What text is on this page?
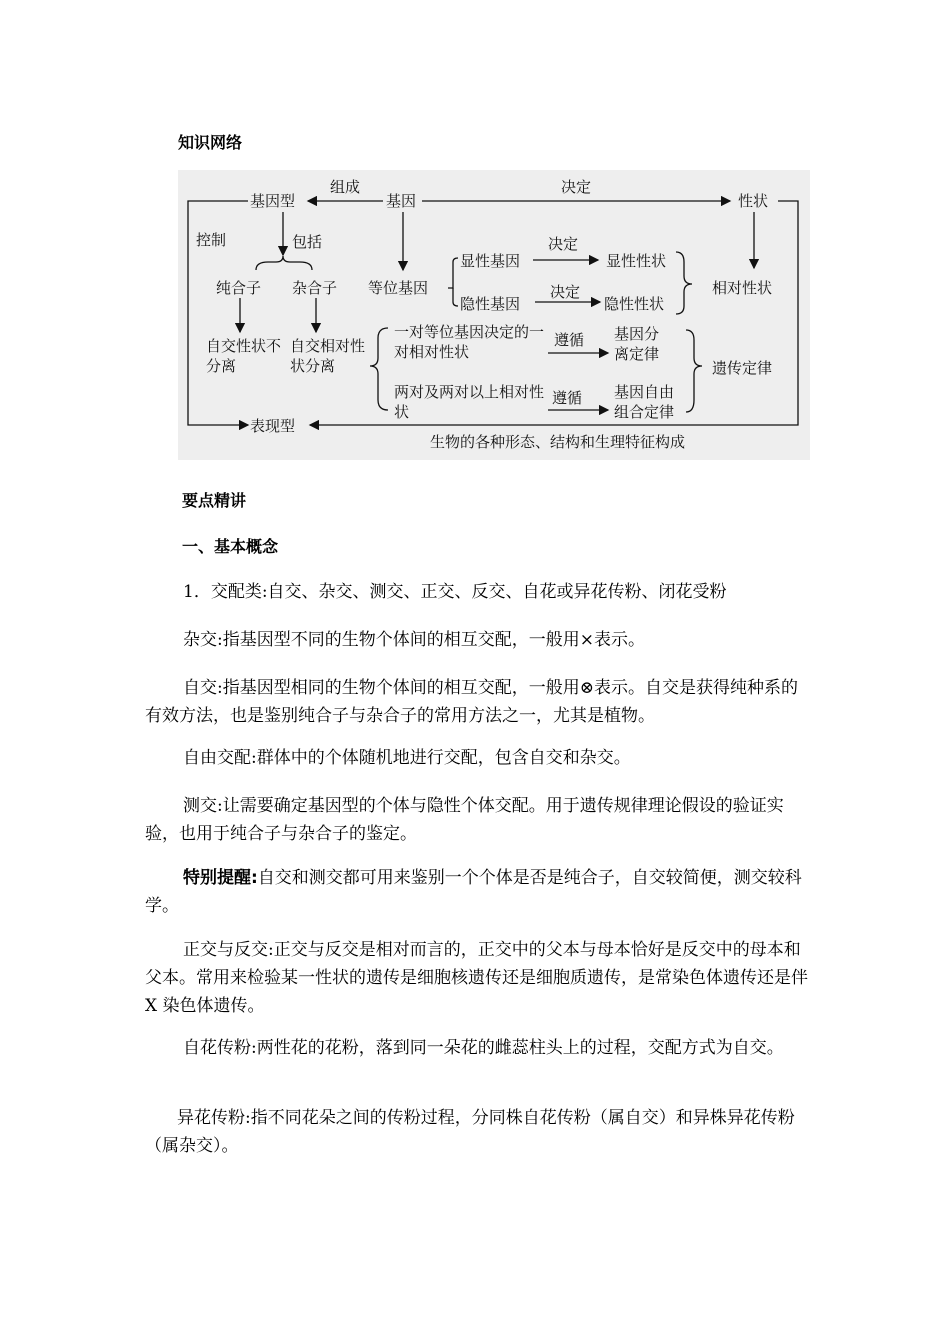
知识网络
基因型
组成
基因
决定
性状
控制	包括
纯合子 杂合子 等位基因
显性基因
隐性基因
决定
决定
显性性状
隐性性状
相对性状
自交性状不分离
自交相对性状分离
一对等位基因决定的一对相对性状
两对及两对以上相对性状
遵循
遵循
基因分离定律
基因自由组合定律
遗传定律
表现型
生物的各种形态、结构和生理特征构成
要点精讲
一、基本概念
1．交配类:自交、杂交、测交、正交、反交、自花或异花传粉、闭花受粉
杂交:指基因型不同的生物个体间的相互交配，一般用×表示。
自交:指基因型相同的生物个体间的相互交配，一般用⊗表示。自交是获得纯种系的有效方法，也是鉴别纯合子与杂合子的常用方法之一，尤其是植物。
自由交配:群体中的个体随机地进行交配，包含自交和杂交。
测交:让需要确定基因型的个体与隐性个体交配。用于遗传规律理论假设的验证实验，也用于纯合子与杂合子的鉴定。
特别提醒:自交和测交都可用来鉴别一个个体是否是纯合子，自交较简便，测交较科学。
正交与反交:正交与反交是相对而言的，正交中的父本与母本恰好是反交中的母本和父本。常用来检验某一性状的遗传是细胞核遗传还是细胞质遗传，是常染色体遗传还是伴 X 染色体遗传。
自花传粉:两性花的花粉，落到同一朵花的雌蕊柱头上的过程，交配方式为自交。
异花传粉:指不同花朵之间的传粉过程，分同株自花传粉（属自交）和异株异花传粉（属杂交）。
